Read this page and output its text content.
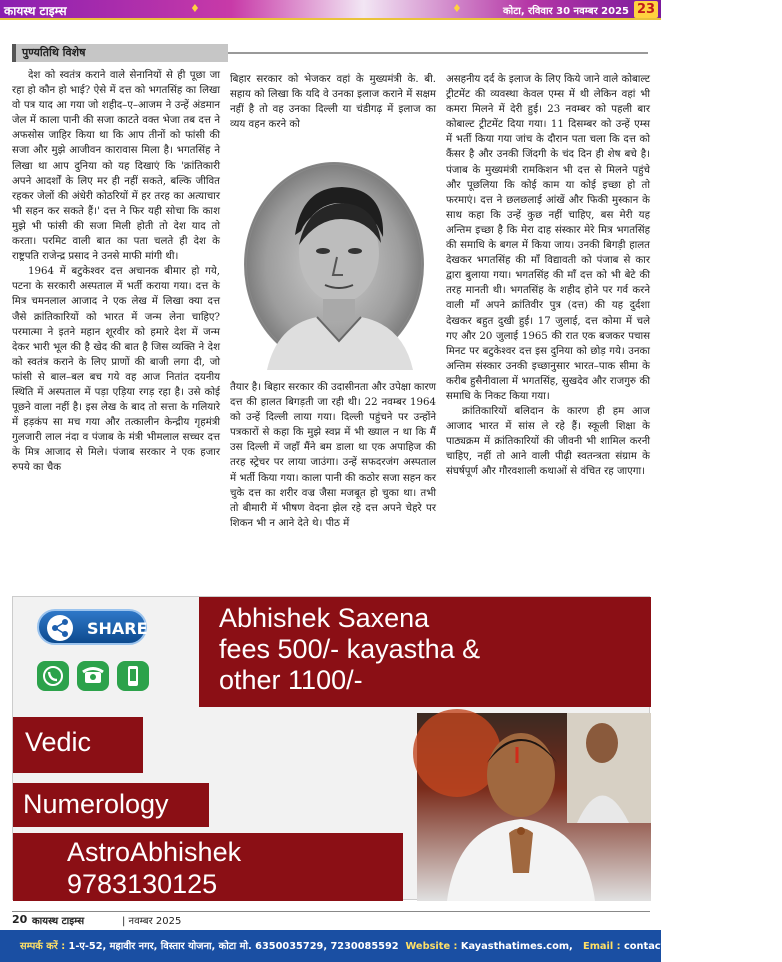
कायस्थ टाइम्स	♦	♦	कोटा, रविवार 30 नवम्बर 2025 23
पुण्यतिथि विशेष

देश को स्वतंत्र कराने वाले सेनानियों से ही पूछा जा रहा हो कौन हो भाई? ऐसे में दत्त को भगतसिंह का लिखा वो पत्र याद आ गया जो शहीद–ए–आजम ने उन्हें अंडमान जेल में काला पानी की सजा काटते वक्त भेजा तब दत्त ने अफसोस जाहिर किया था कि आप तीनों को फांसी की सजा और मुझे आजीवन कारावास मिला है। भगतसिंह ने लिखा था आप दुनिया को यह दिखाएं कि 'क्रांतिकारी अपने आदर्शों के लिए मर ही नहीं सकते, बल्कि जीवित रहकर जेलों की अंधेरी कोठरियों में हर तरह का अत्याचार भी सहन कर सकते हैं।' दत्त ने फिर यही सोचा कि काश मुझे भी फांसी की सजा मिली होती तो देश याद तो करता। परमिट वाली बात का पता चलते ही देश के राष्ट्रपति राजेन्द्र प्रसाद ने उनसे माफी मांगी थी।

1964 में बटुकेश्वर दत्त अचानक बीमार हो गये, पटना के सरकारी अस्पताल में भर्ती कराया गया। दत्त के मित्र चमनलाल आजाद ने एक लेख में लिखा क्या दत्त जैसे क्रांतिकारियों को भारत में जन्म लेना चाहिए? परमात्मा ने इतने महान शूरवीर को हमारे देश में जन्म देकर भारी भूल की है खेद की बात है जिस व्यक्ति ने देश को स्वतंत्र कराने के लिए प्राणों की बाजी लगा दी, जो फांसी से बाल–बल बच गये वह आज नितांत दयनीय स्थिति में अस्पताल में पड़ा एड़िया रगड़ रहा है। उसे कोई पूछने वाला नहीं है। इस लेख के बाद तो सत्ता के गलियारे में हड़कंप सा मच गया और तत्कालीन केन्द्रीय गृहमंत्री गुलजारी लाल नंदा व पंजाब के मंत्री भीमलाल सच्चर दत्त के मित्र आजाद से मिले। पंजाब सरकार ने एक हजार रुपये का चैक

बिहार सरकार को भेजकर वहां के मुख्यमंत्री के. बी. सहाय को लिखा कि यदि वे उनका इलाज कराने में सक्षम नहीं है तो वह उनका दिल्ली या चंडीगढ़ में इलाज का व्यय वहन करने को

तैयार है। बिहार सरकार की उदासीनता और उपेक्षा कारण दत्त की हालत बिगड़ती जा रही थी। 22 नवम्बर 1964 को उन्हें दिल्ली लाया गया। दिल्ली पहुंचने पर उन्होंने पत्रकारों से कहा कि मुझे स्वप्न में भी ख्याल न था कि मैं उस दिल्ली में जहाँ मैंने बम डाला था एक अपाहिज की तरह स्ट्रेचर पर लाया जाउंगा। उन्हें सफदरजंग अस्पताल में भर्ती किया गया। काला पानी की कठोर सजा सहन कर चुके दत्त का शरीर वज्र जैसा मजबूत हो चुका था। तभी तो बीमारी में भीषण वेदना झेल रहे दत्त अपने चेहरे पर शिकन भी न आने देते थे। पीठ में

असहनीय दर्द के इलाज के लिए किये जाने वाले कोबाल्ट ट्रीटमेंट की व्यवस्था केवल एम्स में थी लेकिन वहां भी कमरा मिलने में देरी हुई। 23 नवम्बर को पहली बार कोबाल्ट ट्रीटमेंट दिया गया। 11 दिसम्बर को उन्हें एम्स में भर्ती किया गया जांच के दौरान पता चला कि दत्त को कैंसर है और उनकी जिंदगी के चंद दिन ही शेष बचे है। पंजाब के मुख्यमंत्री रामकिशन भी दत्त से मिलने पहुंचे और पूछलिया कि कोई काम या कोई इच्छा हो तो फरमाएं। दत्त ने छलछलाई आंखें और फिकी मुस्कान के साथ कहा कि उन्हें कुछ नहीं चाहिए, बस मेरी यह अन्तिम इच्छा है कि मेरा दाह संस्कार मेरे मित्र भगतसिंह की समाधि के बगल में किया जाय। उनकी बिगड़ी हालत देखकर भगतसिंह की माँ विद्यावती को पंजाब से कार द्वारा बुलाया गया। भगतसिंह की माँ दत्त को भी बेटे की तरह मानती थी। भगतसिंह के शहीद होने पर गर्व करने वाली माँ अपने क्रांतिवीर पुत्र (दत्त) की यह दुर्दशा देखकर बहुत दुखी हुई। 17 जुलाई, दत्त कोमा में चले गए और 20 जुलाई 1965 की रात एक बजकर पचास मिनट पर बटुकेश्वर दत्त इस दुनिया को छोड़ गये। उनका अन्तिम संस्कार उनकी इच्छानुसार भारत–पाक सीमा के करीब हुसैनीवाला में भगतसिंह, सुखदेव और राजगुरु की समाधि के निकट किया गया।

क्रांतिकारियों बलिदान के कारण ही हम आज आजाद भारत में सांस ले रहे हैं। स्कूली शिक्षा के पाठ्यक्रम में क्रांतिकारियों की जीवनी भी शामिल करनी चाहिए, नहीं तो आने वाली पीढ़ी स्वतन्त्रता संग्राम के संघर्षपूर्ण और गौरवशाली कथाओं से वंचित रह जाएगा।

Abhishek Saxena
fees 500/- kayastha &
other 1100/-
SHARE
Vedic
Numerology
AstroAbhishek
9783130125
20 कायस्थ टाइम्स	| नवम्बर 2025
सम्पर्क करें : 1-ए-52, महावीर नगर, विस्तार योजना, कोटा मो. 6350035729, 7230085592 Website : Kayasthatimes.com, Email : contact@kayasthatimes.com
